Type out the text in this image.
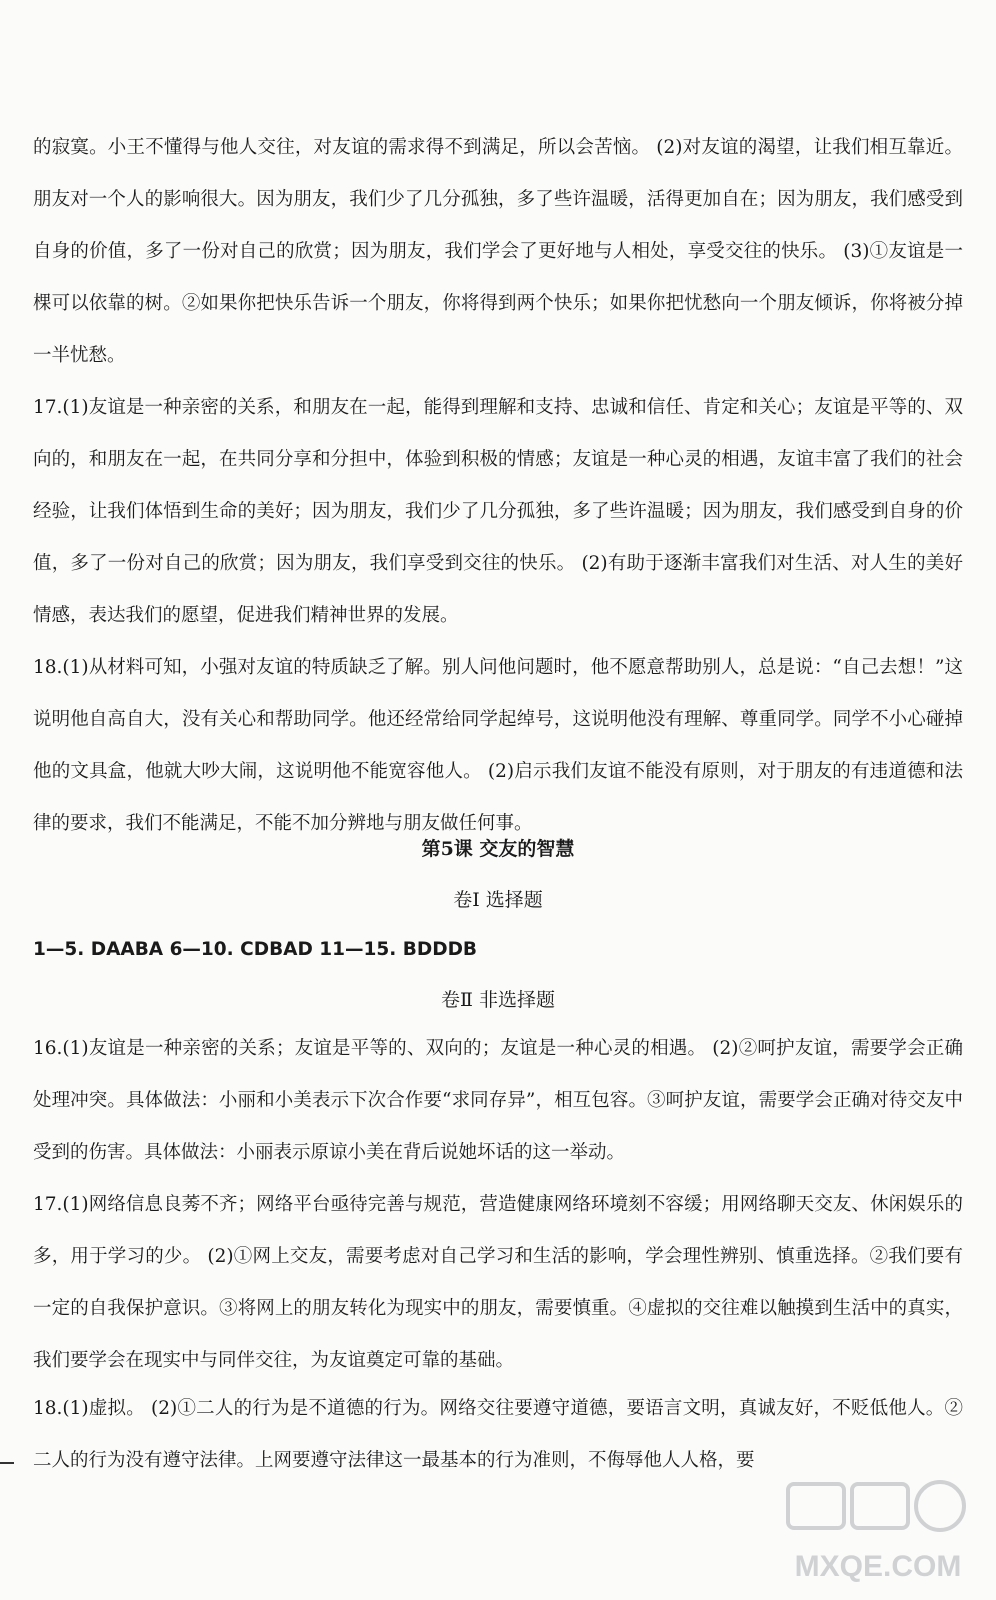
的寂寞。小王不懂得与他人交往，对友谊的需求得不到满足，所以会苦恼。 (2)对友谊的渴望，让我们相互靠近。朋友对一个人的影响很大。因为朋友，我们少了几分孤独，多了些许温暖，活得更加自在；因为朋友，我们感受到自身的价值，多了一份对自己的欣赏；因为朋友，我们学会了更好地与人相处，享受交往的快乐。 (3)①友谊是一棵可以依靠的树。②如果你把快乐告诉一个朋友，你将得到两个快乐；如果你把忧愁向一个朋友倾诉，你将被分掉一半忧愁。
17.(1)友谊是一种亲密的关系，和朋友在一起，能得到理解和支持、忠诚和信任、肯定和关心；友谊是平等的、双向的，和朋友在一起，在共同分享和分担中，体验到积极的情感；友谊是一种心灵的相遇，友谊丰富了我们的社会经验，让我们体悟到生命的美好；因为朋友，我们少了几分孤独，多了些许温暖；因为朋友，我们感受到自身的价值，多了一份对自己的欣赏；因为朋友，我们享受到交往的快乐。 (2)有助于逐渐丰富我们对生活、对人生的美好情感，表达我们的愿望，促进我们精神世界的发展。
18.(1)从材料可知，小强对友谊的特质缺乏了解。别人问他问题时，他不愿意帮助别人，总是说：“自己去想！”这说明他自高自大，没有关心和帮助同学。他还经常给同学起绰号，这说明他没有理解、尊重同学。同学不小心碰掉他的文具盒，他就大吵大闹，这说明他不能宽容他人。 (2)启示我们友谊不能没有原则，对于朋友的有违道德和法律的要求，我们不能满足，不能不加分辨地与朋友做任何事。
第5课 交友的智慧
卷Ⅰ 选择题
1—5. DAABA 6—10. CDBAD 11—15. BDDDB
卷Ⅱ 非选择题
16.(1)友谊是一种亲密的关系；友谊是平等的、双向的；友谊是一种心灵的相遇。 (2)②呵护友谊，需要学会正确处理冲突。具体做法：小丽和小美表示下次合作要“求同存异”，相互包容。③呵护友谊，需要学会正确对待交友中受到的伤害。具体做法：小丽表示原谅小美在背后说她坏话的这一举动。
17.(1)网络信息良莠不齐；网络平台亟待完善与规范，营造健康网络环境刻不容缓；用网络聊天交友、休闲娱乐的多，用于学习的少。 (2)①网上交友，需要考虑对自己学习和生活的影响，学会理性辨别、慎重选择。②我们要有一定的自我保护意识。③将网上的朋友转化为现实中的朋友，需要慎重。④虚拟的交往难以触摸到生活中的真实，我们要学会在现实中与同伴交往，为友谊奠定可靠的基础。
18.(1)虚拟。 (2)①二人的行为是不道德的行为。网络交往要遵守道德，要语言文明，真诚友好，不贬低他人。②二人的行为没有遵守法律。上网要遵守法律这一最基本的行为准则，不侮辱他人人格，要
MXQE.COM
